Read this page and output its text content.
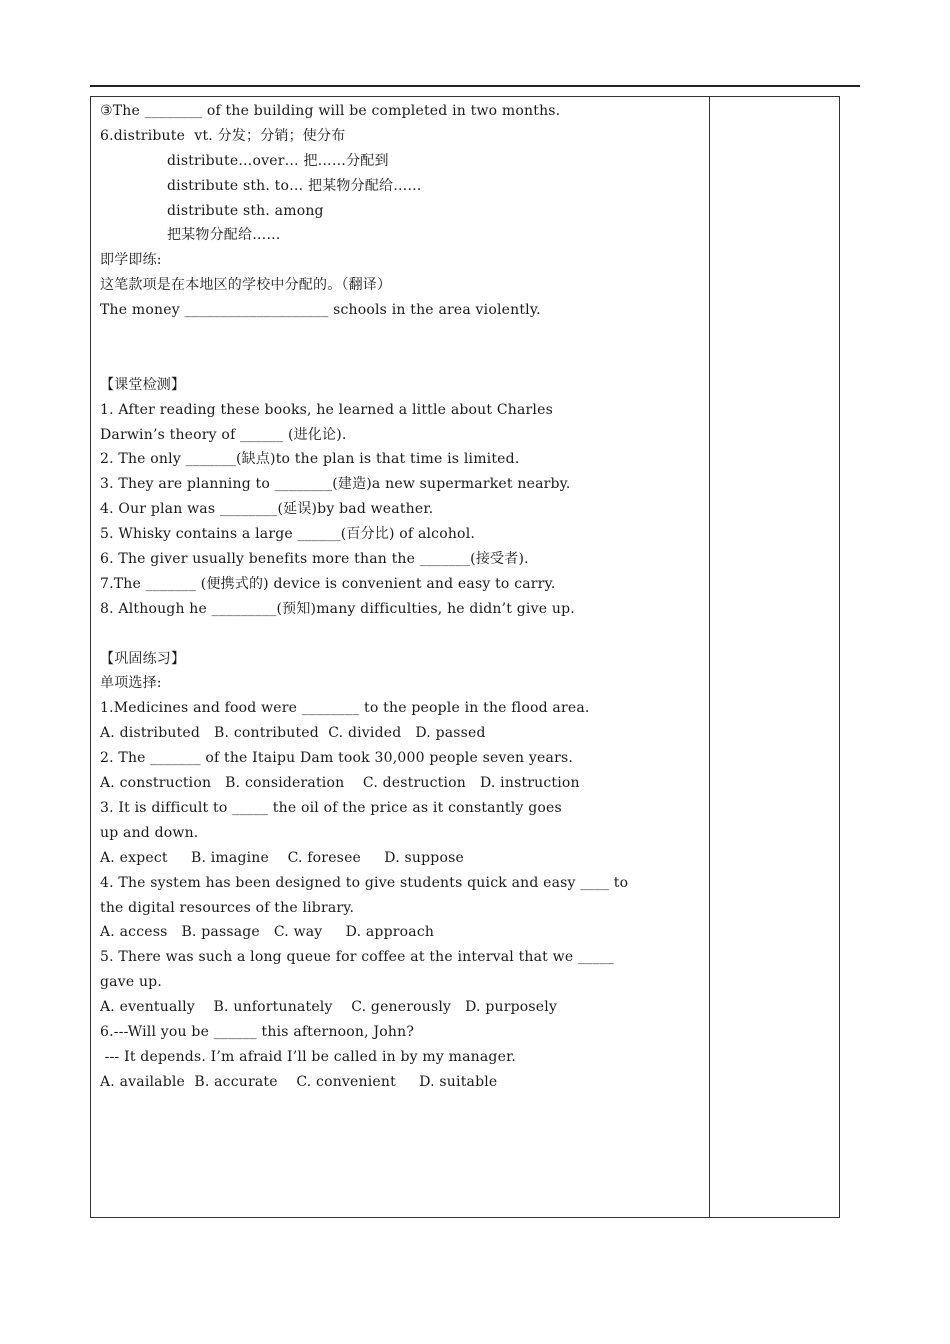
③The ________ of the building will be completed in two months.
6.distribute  vt. 分发；分销；使分布
distribute…over… 把……分配到
distribute sth. to… 把某物分配给……
distribute sth. among
把某物分配给……
即学即练:
这笔款项是在本地区的学校中分配的。（翻译）
The money ____________________ schools in the area violently.
【课堂检测】
1. After reading these books, he learned a little about Charles
Darwin’s theory of ______ (进化论).
2. The only _______(缺点)to the plan is that time is limited.
3. They are planning to ________(建造)a new supermarket nearby.
4. Our plan was ________(延误)by bad weather.
5. Whisky contains a large ______(百分比) of alcohol.
6. The giver usually benefits more than the _______(接受者).
7.The _______ (便携式的) device is convenient and easy to carry.
8. Although he _________(预知)many difficulties, he didn’t give up.
【巩固练习】
单项选择:
1.Medicines and food were ________ to the people in the flood area.
A. distributed   B. contributed  C. divided   D. passed
2. The _______ of the Itaipu Dam took 30,000 people seven years.
A. construction   B. consideration    C. destruction   D. instruction
3. It is difficult to _____ the oil of the price as it constantly goes
up and down.
A. expect     B. imagine    C. foresee     D. suppose
4. The system has been designed to give students quick and easy ____ to
the digital resources of the library.
A. access   B. passage   C. way     D. approach
5. There was such a long queue for coffee at the interval that we _____
gave up.
A. eventually    B. unfortunately    C. generously   D. purposely
6.---Will you be ______ this afternoon, John?
--- It depends. I’m afraid I’ll be called in by my manager.
A. available  B. accurate    C. convenient     D. suitable
